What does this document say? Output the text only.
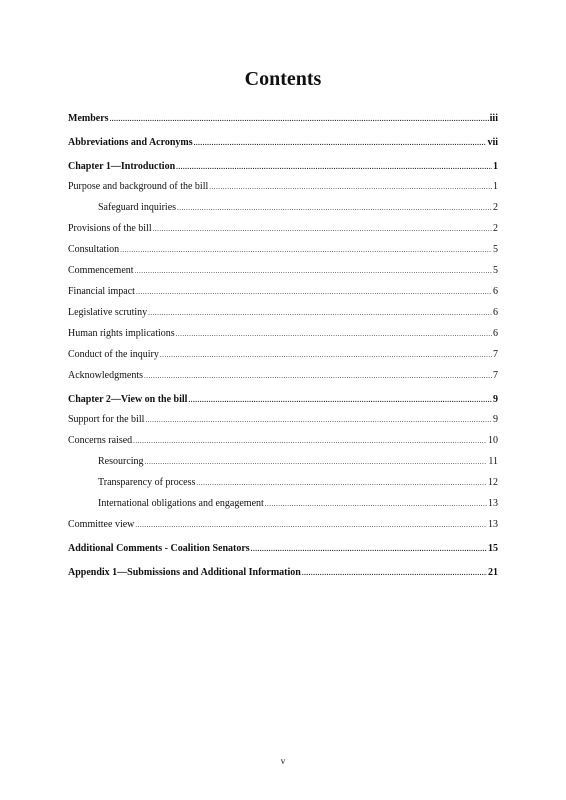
Contents
Members .....	iii
Abbreviations and Acronyms .....	vii
Chapter 1—Introduction .....	1
Purpose and background of the bill .....	1
Safeguard inquiries .....	2
Provisions of the bill .....	2
Consultation .....	5
Commencement .....	5
Financial impact .....	6
Legislative scrutiny .....	6
Human rights implications .....	6
Conduct of the inquiry .....	7
Acknowledgments .....	7
Chapter 2—View on the bill .....	9
Support for the bill .....	9
Concerns raised .....	10
Resourcing .....	11
Transparency of process .....	12
International obligations and engagement .....	13
Committee view .....	13
Additional Comments - Coalition Senators .....	15
Appendix 1—Submissions and Additional Information .....	21
v
